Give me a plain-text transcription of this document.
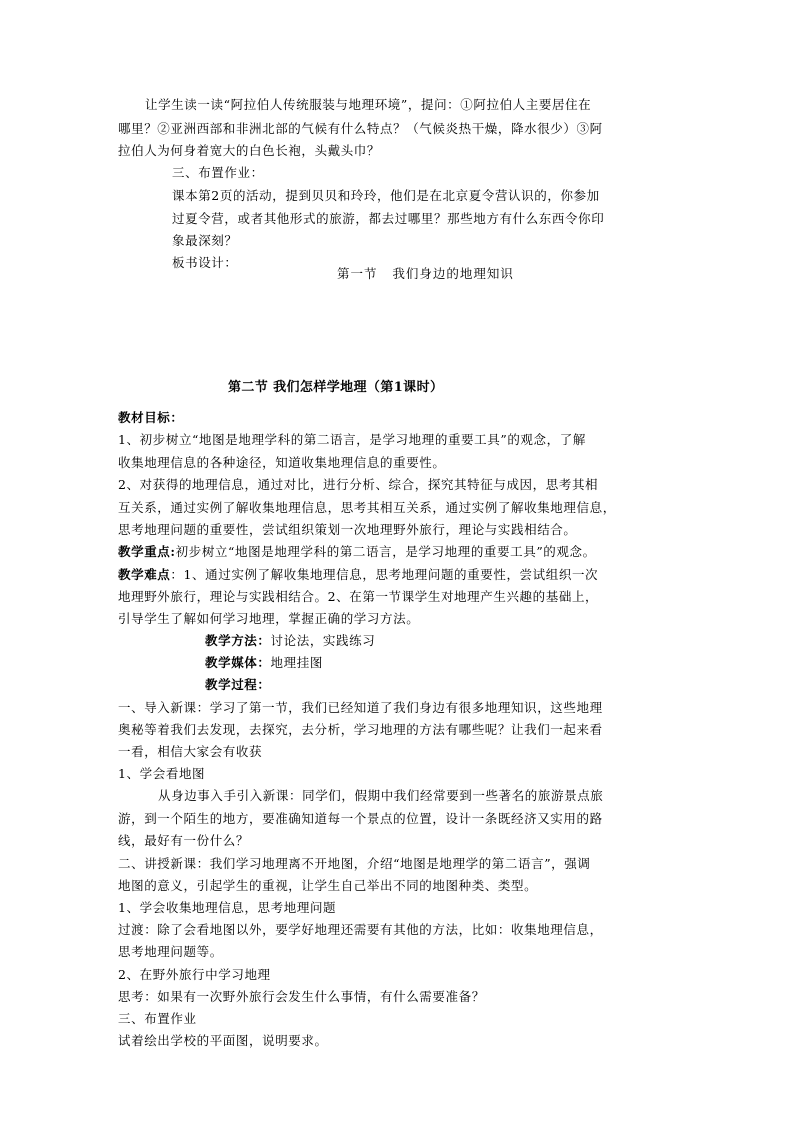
让学生读一读“阿拉伯人传统服装与地理环境”，提问：①阿拉伯人主要居住在

哪里？②亚洲西部和非洲北部的气候有什么特点？（气候炎热干燥，降水很少）③阿

拉伯人为何身着宽大的白色长袍，头戴头巾？

三、布置作业：

课本第2页的活动，提到贝贝和玲玲，他们是在北京夏令营认识的，你参加

过夏令营，或者其他形式的旅游，都去过哪里？那些地方有什么东西令你印

象最深刻？

板书设计：

第一节   我们身边的地理知识

第二节 我们怎样学地理（第1课时）

教材目标：

1、初步树立“地图是地理学科的第二语言，是学习地理的重要工具”的观念，了解

收集地理信息的各种途径，知道收集地理信息的重要性。

2、对获得的地理信息，通过对比，进行分析、综合，探究其特征与成因，思考其相

互关系，通过实例了解收集地理信息，思考其相互关系，通过实例了解收集地理信息，

思考地理问题的重要性，尝试组织策划一次地理野外旅行，理论与实践相结合。

教学重点:初步树立“地图是地理学科的第二语言，是学习地理的重要工具”的观念。

教学难点：1、通过实例了解收集地理信息，思考地理问题的重要性，尝试组织一次

地理野外旅行，理论与实践相结合。2、在第一节课学生对地理产生兴趣的基础上，

引导学生了解如何学习地理，掌握正确的学习方法。

教学方法：讨论法，实践练习

教学媒体：地理挂图

教学过程：

一、导入新课：学习了第一节，我们已经知道了我们身边有很多地理知识，这些地理

奥秘等着我们去发现，去探究，去分析，学习地理的方法有哪些呢？让我们一起来看

一看，相信大家会有收获

1、学会看地图

从身边事入手引入新课：同学们，假期中我们经常要到一些著名的旅游景点旅

游，到一个陌生的地方，要准确知道每一个景点的位置，设计一条既经济又实用的路

线，最好有一份什么？

二、讲授新课：我们学习地理离不开地图，介绍“地图是地理学的第二语言”，强调

地图的意义，引起学生的重视，让学生自己举出不同的地图种类、类型。

1、学会收集地理信息，思考地理问题

过渡：除了会看地图以外，要学好地理还需要有其他的方法，比如：收集地理信息，

思考地理问题等。

2、在野外旅行中学习地理

思考：如果有一次野外旅行会发生什么事情，有什么需要准备？

三、布置作业

试着绘出学校的平面图，说明要求。
